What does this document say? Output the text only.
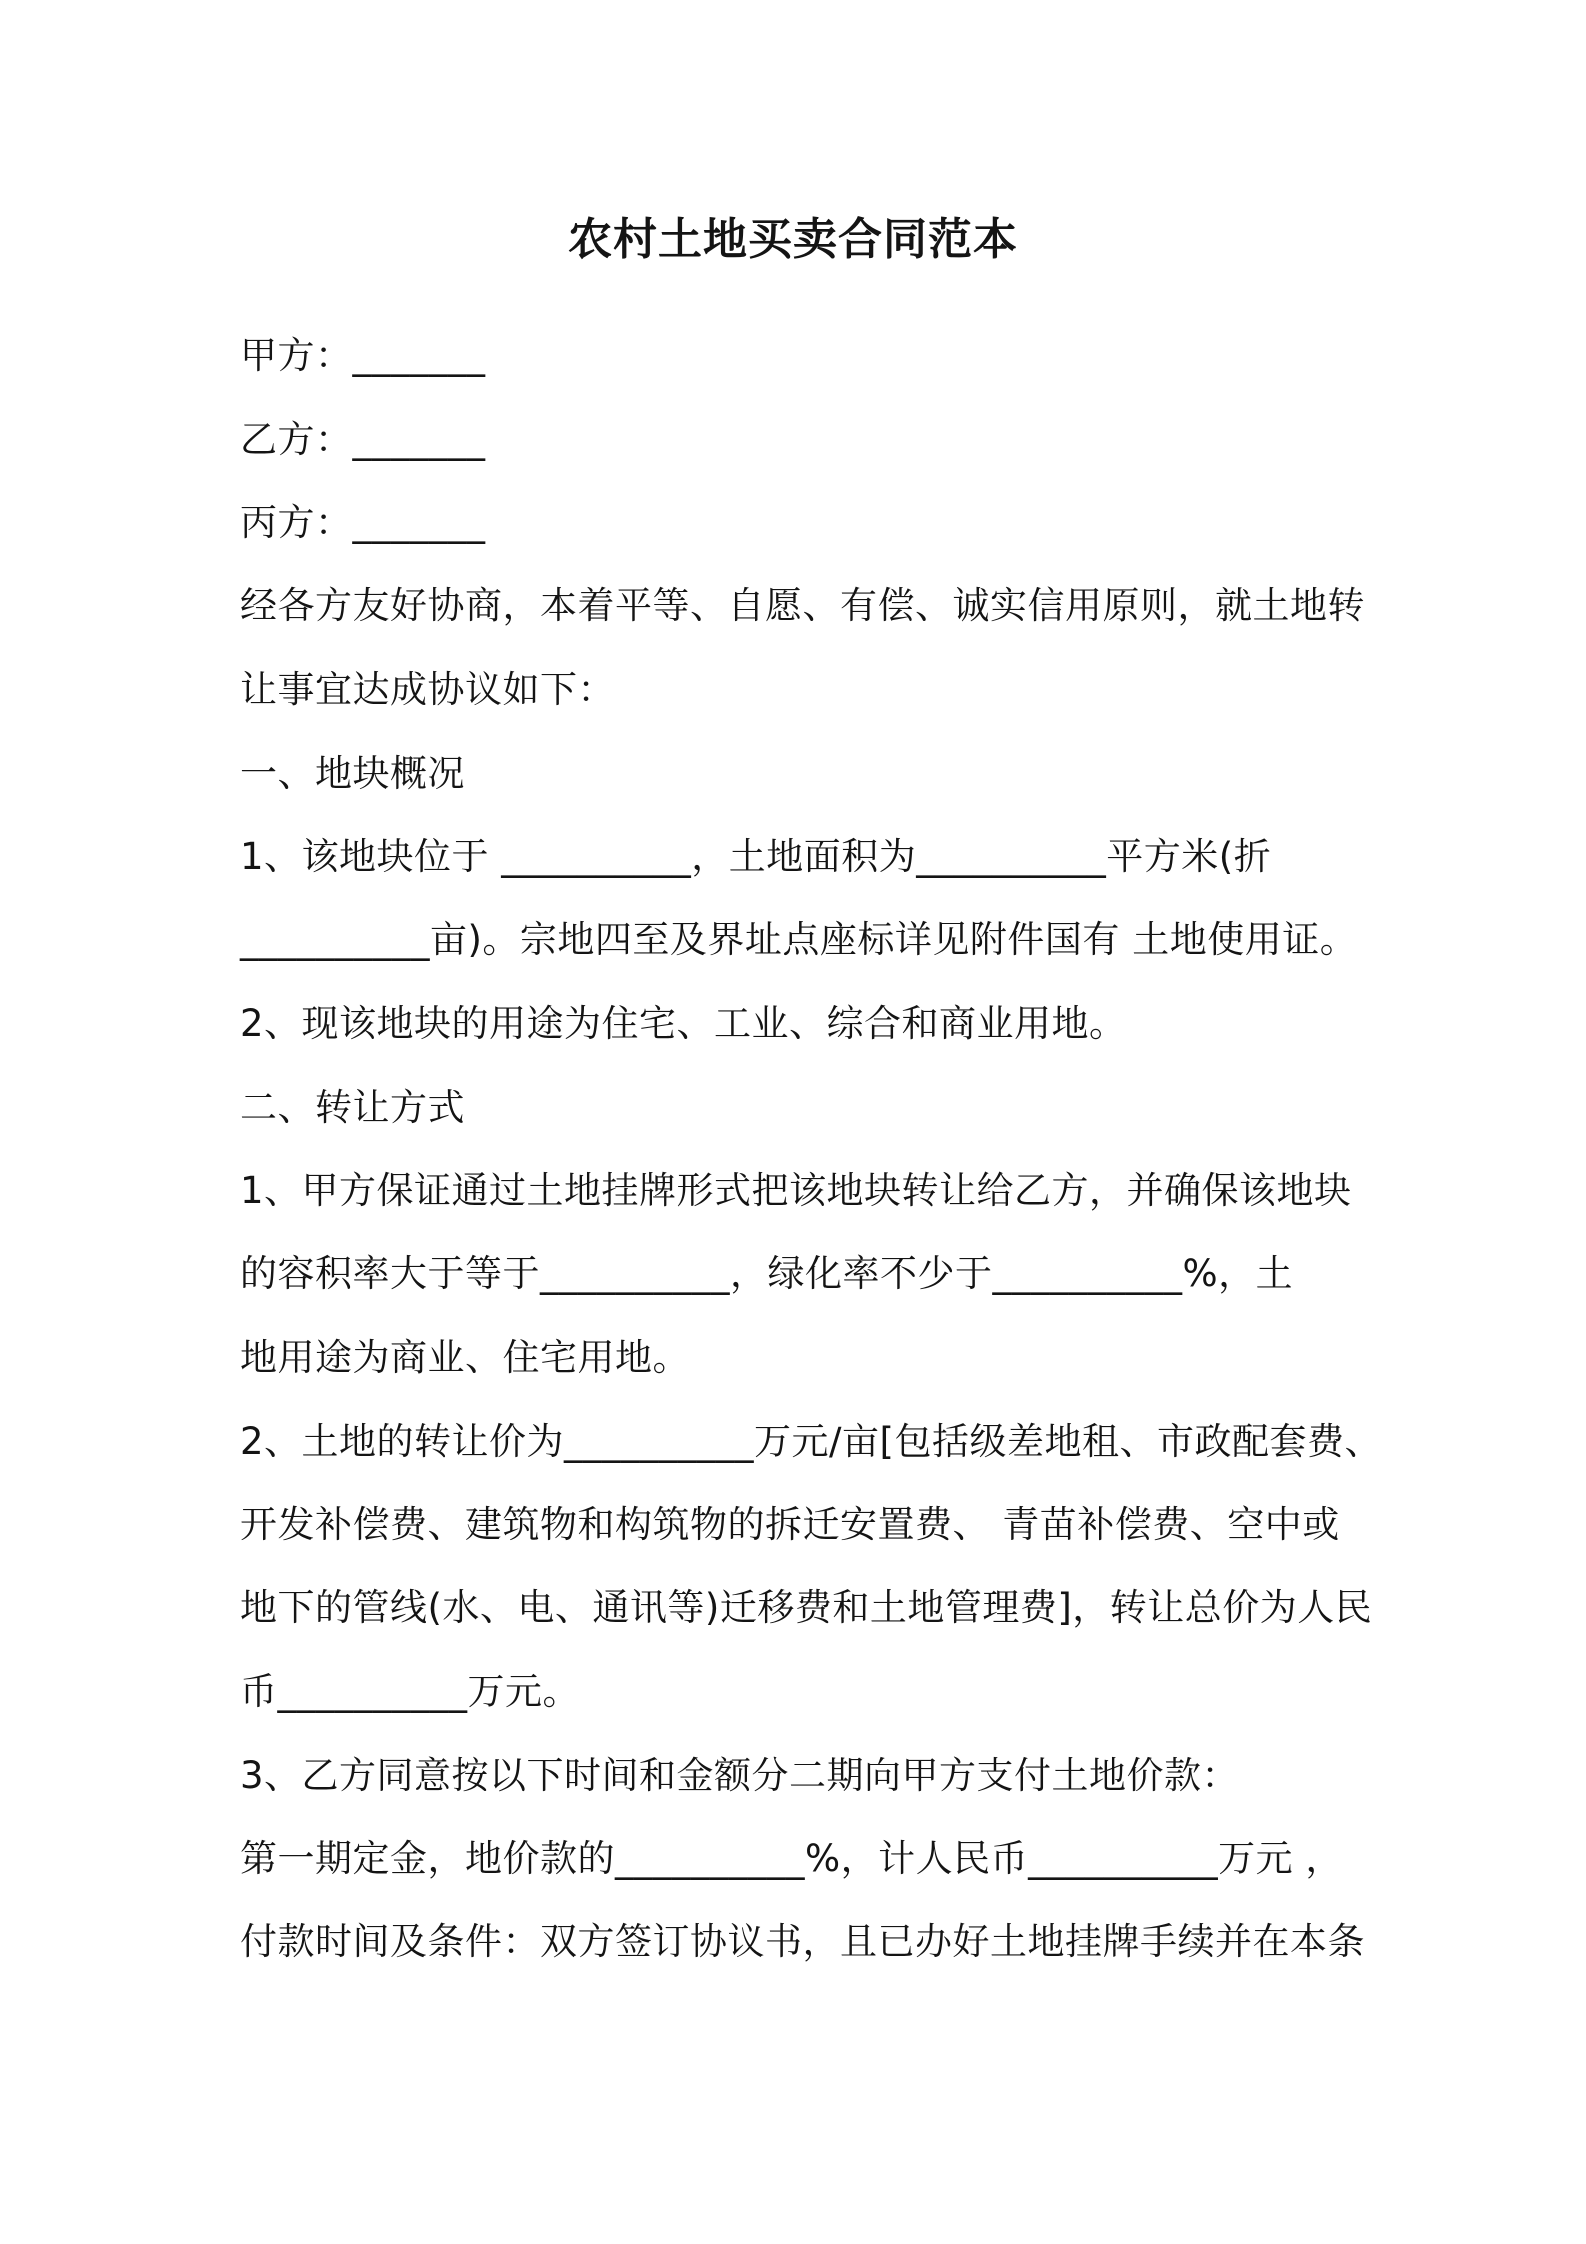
农村土地买卖合同范本
甲方：_______
乙方：_______
丙方：_______
经各方友好协商，本着平等、自愿、有偿、诚实信用原则，就土地转
让事宜达成协议如下：
一、地块概况
1、该地块位于 __________，土地面积为__________平方米(折
__________亩)。宗地四至及界址点座标详见附件国有 土地使用证。
2、现该地块的用途为住宅、工业、综合和商业用地。
二、转让方式
1、甲方保证通过土地挂牌形式把该地块转让给乙方，并确保该地块
的容积率大于等于__________，绿化率不少于__________%，土
地用途为商业、住宅用地。
2、土地的转让价为__________万元/亩[包括级差地租、市政配套费、
开发补偿费、建筑物和构筑物的拆迁安置费、 青苗补偿费、空中或
地下的管线(水、电、通讯等)迁移费和土地管理费]，转让总价为人民
币__________万元。
3、乙方同意按以下时间和金额分二期向甲方支付土地价款：
第一期定金，地价款的__________%，计人民币__________万元 ，
付款时间及条件：双方签订协议书，且已办好土地挂牌手续并在本条
